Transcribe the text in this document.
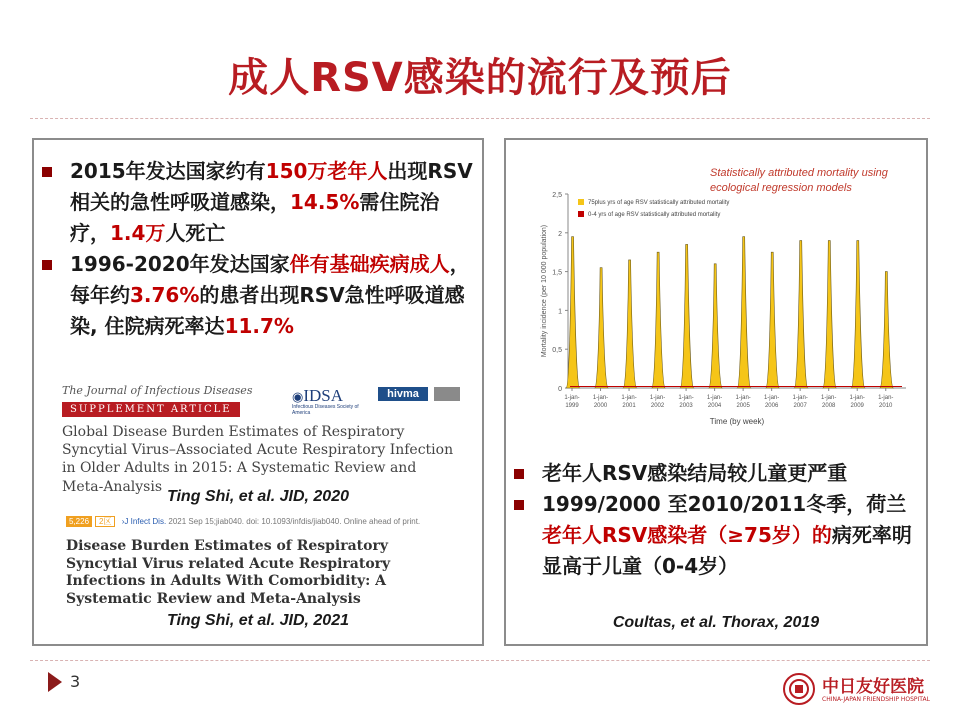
成人RSV感染的流行及预后
2015年发达国家约有150万老年人出现RSV相关的急性呼吸道感染，14.5%需住院治疗，1.4万人死亡
1996-2020年发达国家伴有基础疾病成人，每年约3.76%的患者出现RSV急性呼吸道感染, 住院病死率达11.7%
The Journal of Infectious Diseases
SUPPLEMENT ARTICLE
◉IDSA
Infectious Diseases Society of America
hivma
Global Disease Burden Estimates of Respiratory Syncytial Virus–Associated Acute Respiratory Infection in Older Adults in 2015: A Systematic Review and Meta-Analysis
Ting Shi, et al. JID, 2020
5,226 2区 ›J Infect Dis. 2021 Sep 15;jiab040. doi: 10.1093/infdis/jiab040. Online ahead of print.
Disease Burden Estimates of Respiratory Syncytial Virus related Acute Respiratory Infections in Adults With Comorbidity: A Systematic Review and Meta-Analysis
Ting Shi, et al. JID, 2021
Statistically attributed mortality using ecological regression models
0
0,5
1
1,5
2
2,5
Mortality incidence (per 10 000 population)
1-jan-
1999
1-jan-
2000
1-jan-
2001
1-jan-
2002
1-jan-
2003
1-jan-
2004
1-jan-
2005
1-jan-
2006
1-jan-
2007
1-jan-
2008
1-jan-
2009
1-jan-
2010
Time (by week)
75plus yrs of age RSV statistically attributed mortality
0-4 yrs of age RSV statistically attributed mortality
老年人RSV感染结局较儿童更严重
1999/2000 至2010/2011冬季，荷兰老年人RSV感染者（≥75岁）的病死率明显高于儿童（0-4岁）
Coultas, et al. Thorax, 2019
3	中日友好医院
CHINA-JAPAN FRIENDSHIP HOSPITAL
